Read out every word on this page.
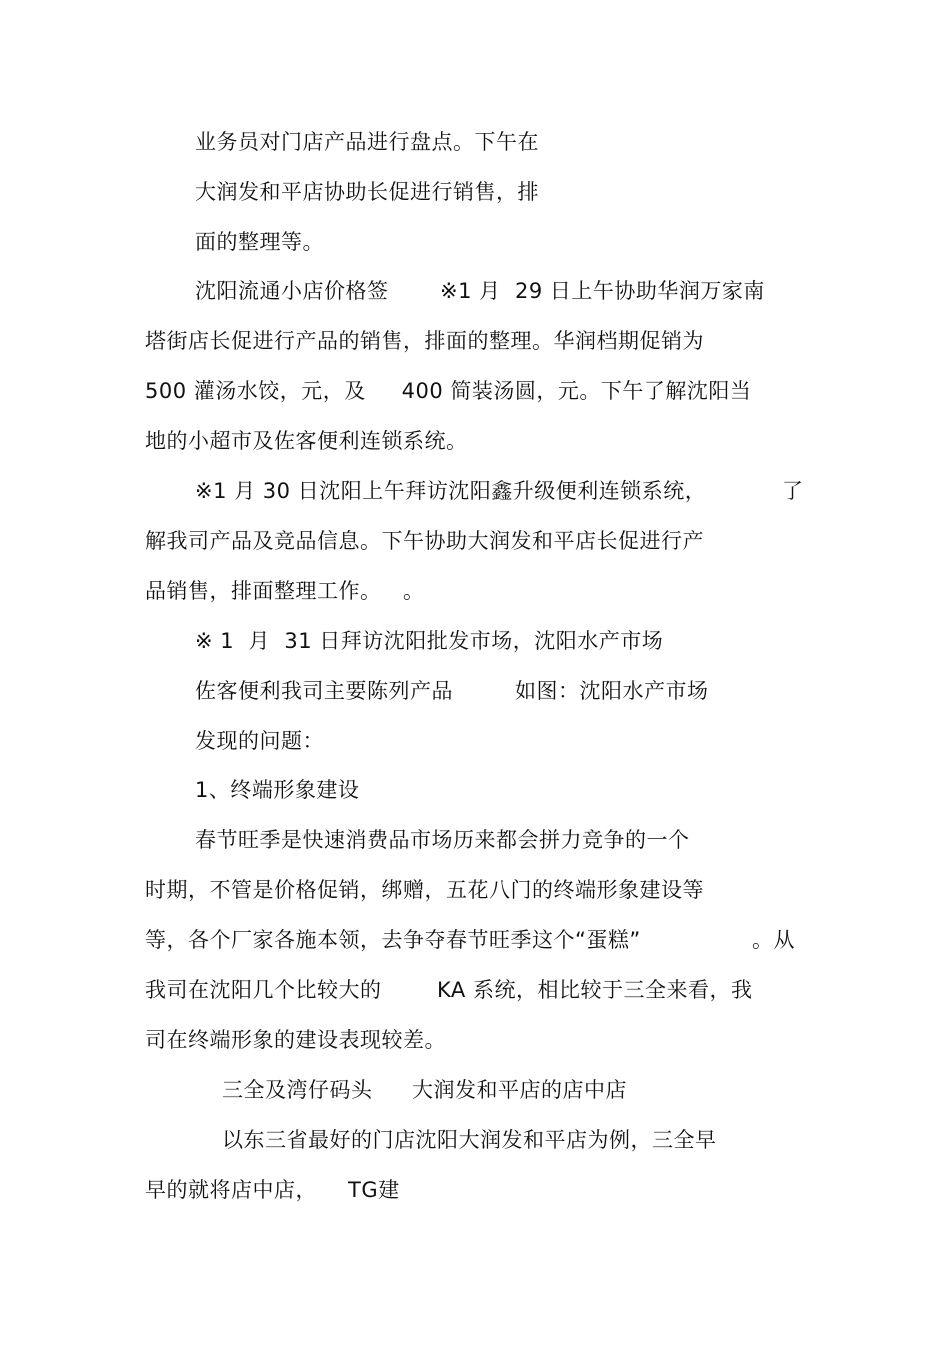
业务员对门店产品进行盘点。下午在
大润发和平店协助长促进行销售，排
面的整理等。
沈阳流通小店价格签 ※1 月  29 日上午协助华润万家南
塔街店长促进行产品的销售，排面的整理。华润档期促销为
500 灌汤水饺，元，及     400 简装汤圆，元。下午了解沈阳当
地的小超市及佐客便利连锁系统。
※1 月 30 日沈阳上午拜访沈阳鑫升级便利连锁系统，	了
解我司产品及竞品信息。下午协助大润发和平店长促进行产
品销售，排面整理工作。   。
※ 1  月  31 日拜访沈阳批发市场，沈阳水产市场
佐客便利我司主要陈列产品	如图：沈阳水产市场
发现的问题：
1、终端形象建设
春节旺季是快速消费品市场历来都会拼力竞争的一个
时期，不管是价格促销，绑赠，五花八门的终端形象建设等
等，各个厂家各施本领，去争夺春节旺季这个“蛋糕”	。从
我司在沈阳几个比较大的	KA 系统，相比较于三全来看，我
司在终端形象的建设表现较差。
三全及湾仔码头 大润发和平店的店中店
以东三省最好的门店沈阳大润发和平店为例，三全早
早的就将店中店， TG建
